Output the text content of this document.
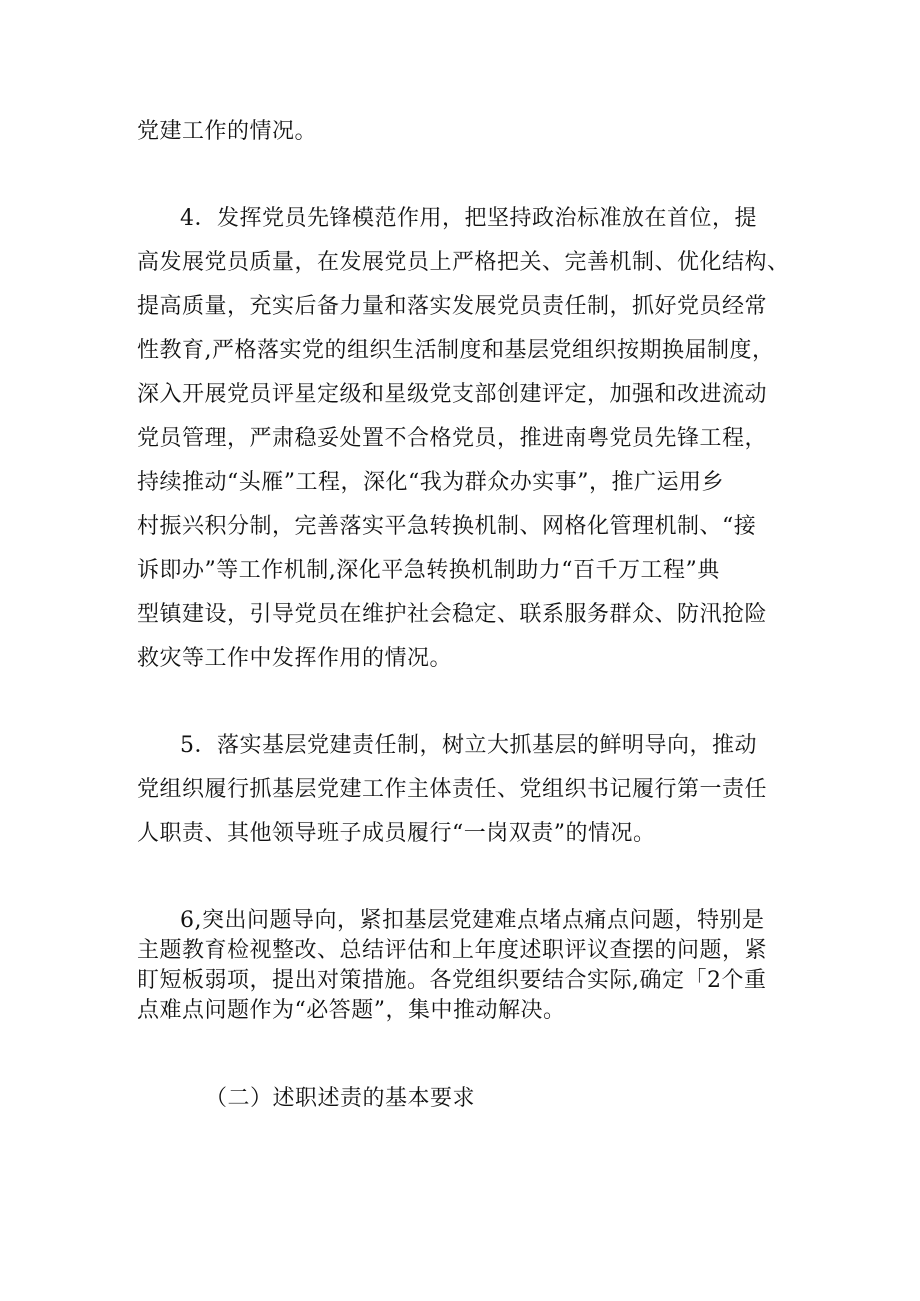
党建工作的情况。
4．发挥党员先锋模范作用，把坚持政治标准放在首位，提
高发展党员质量，在发展党员上严格把关、完善机制、优化结构、
提高质量，充实后备力量和落实发展党员责任制，抓好党员经常
性教育,严格落实党的组织生活制度和基层党组织按期换届制度，
深入开展党员评星定级和星级党支部创建评定，加强和改进流动
党员管理，严肃稳妥处置不合格党员，推进南粤党员先锋工程，
持续推动“头雁”工程，深化“我为群众办实事”，推广运用乡
村振兴积分制，完善落实平急转换机制、网格化管理机制、“接
诉即办”等工作机制,深化平急转换机制助力“百千万工程”典
型镇建设，引导党员在维护社会稳定、联系服务群众、防汛抢险
救灾等工作中发挥作用的情况。
5．落实基层党建责任制，树立大抓基层的鲜明导向，推动
党组织履行抓基层党建工作主体责任、党组织书记履行第一责任
人职责、其他领导班子成员履行“一岗双责”的情况。
6,突出问题导向，紧扣基层党建难点堵点痛点问题，特别是
主题教育检视整改、总结评估和上年度述职评议查摆的问题，紧
盯短板弱项，提出对策措施。各党组织要结合实际,确定「2个重
点难点问题作为“必答题”，集中推动解决。
（二）述职述责的基本要求
